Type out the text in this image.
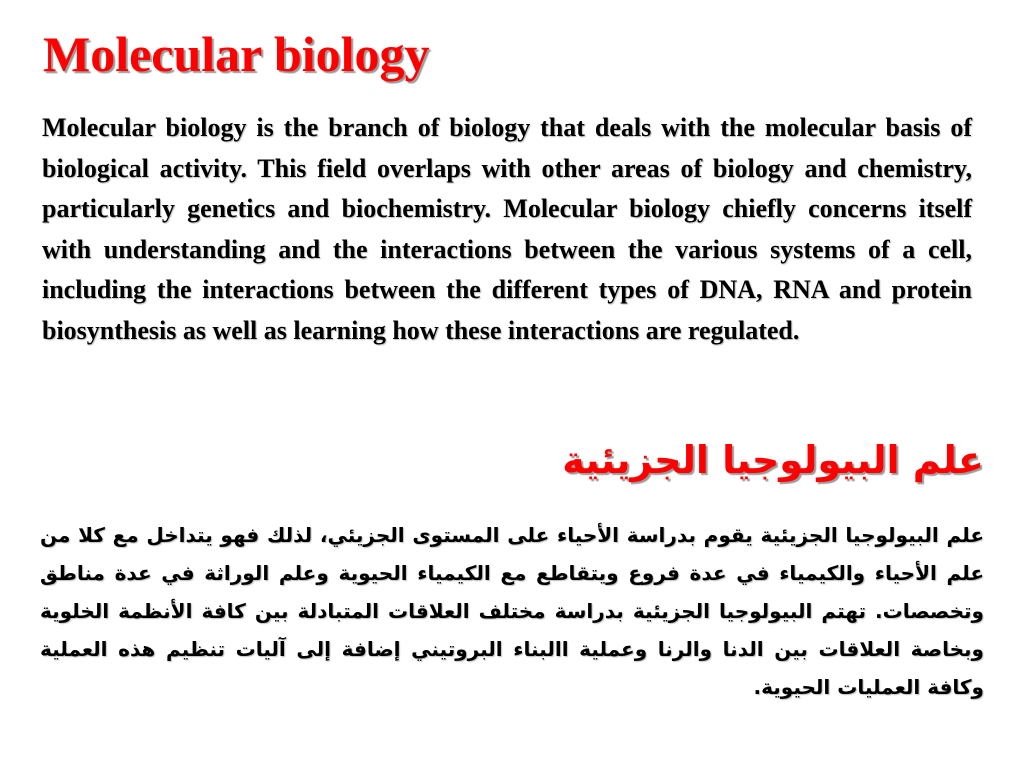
Molecular biology

Molecular biology is the branch of biology that deals with the molecular basis of biological activity. This field overlaps with other areas of biology and chemistry, particularly genetics and biochemistry. Molecular biology chiefly concerns itself with understanding and the interactions between the various systems of a cell, including the interactions between the different types of DNA, RNA and protein biosynthesis as well as learning how these interactions are regulated.

علم البيولوجيا الجزيئية

علم البيولوجيا الجزيئية يقوم بدراسة الأحياء على المستوى الجزيئي، لذلك فهو يتداخل مع كلا من علم الأحياء والكيمياء في عدة فروع ويتقاطع مع الكيمياء الحيوية وعلم الوراثة في عدة مناطق وتخصصات. تهتم البيولوجيا الجزيئية بدراسة مختلف العلاقات المتبادلة بين كافة الأنظمة الخلوية وبخاصة العلاقات بين الدنا والرنا وعملية االبناء البروتيني إضافة إلى آليات تنظيم هذه العملية وكافة العمليات الحيوية.
